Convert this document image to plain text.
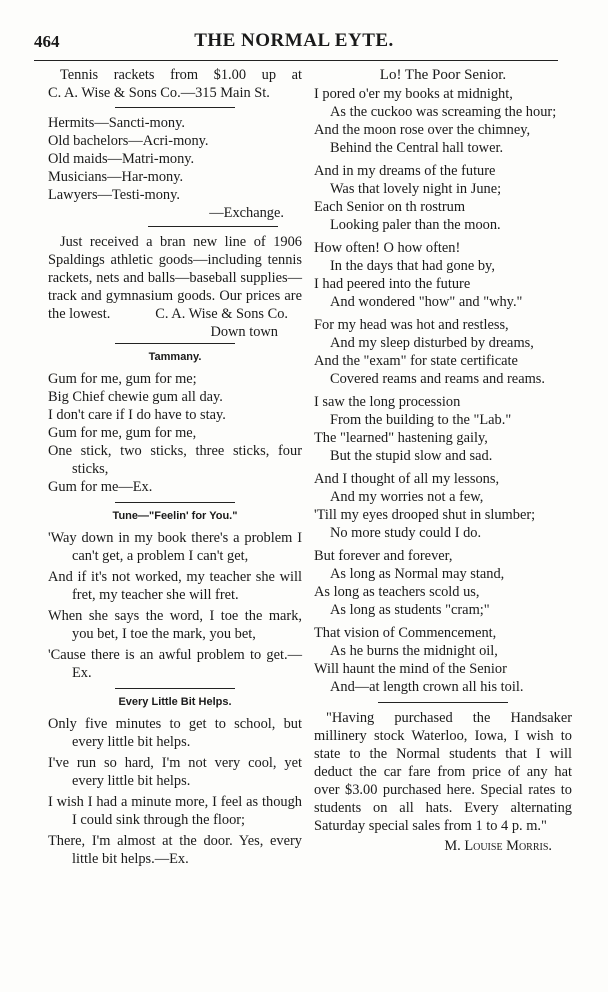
464	THE NORMAL EYTE.
Tennis rackets from $1.00 up at
C. A. Wise & Sons Co.—315 Main St.
Hermits—Sancti-mony.
Old bachelors—Acri-mony.
Old maids—Matri-mony.
Musicians—Har-mony.
Lawyers—Testi-mony.
—Exchange.

Just received a bran new line of 1906 Spaldings athletic goods—including tennis rackets, nets and balls—baseball supplies—track and gymnasium goods. Our prices are the lowest.	C. A. Wise & Sons Co.
Down town
Tammany.

Gum for me, gum for me;

Big Chief chewie gum all day.

I don't care if I do have to stay.

Gum for me, gum for me,

One stick, two sticks, three sticks, four sticks,

Gum for me—Ex.

Tune—"Feelin' for You."

'Way down in my book there's a problem I can't get, a problem I can't get,

And if it's not worked, my teacher she will fret, my teacher she will fret.

When she says the word, I toe the mark, you bet, I toe the mark, you bet,

'Cause there is an awful problem to get.—Ex.

Every Little Bit Helps.

Only five minutes to get to school, but every little bit helps.

I've run so hard, I'm not very cool, yet every little bit helps.

I wish I had a minute more, I feel as though I could sink through the floor;

There, I'm almost at the door. Yes, every little bit helps.—Ex.

Lo! The Poor Senior.

I pored o'er my books at midnight,

As the cuckoo was screaming the hour;

And the moon rose over the chimney,

Behind the Central hall tower.

And in my dreams of the future

Was that lovely night in June;

Each Senior on th rostrum

Looking paler than the moon.

How often! O how often!

In the days that had gone by,

I had peered into the future

And wondered "how" and "why."

For my head was hot and restless,

And my sleep disturbed by dreams,

And the "exam" for state certificate

Covered reams and reams and reams.

I saw the long procession

From the building to the "Lab."

The "learned" hastening gaily,

But the stupid slow and sad.

And I thought of all my lessons,

And my worries not a few,

'Till my eyes drooped shut in slumber;

No more study could I do.

But forever and forever,

As long as Normal may stand,

As long as teachers scold us,

As long as students "cram;"

That vision of Commencement,

As he burns the midnight oil,

Will haunt the mind of the Senior

And—at length crown all his toil.

"Having purchased the Handsaker millinery stock Waterloo, Iowa, I wish to state to the Normal students that I will deduct the car fare from price of any hat over $3.00 purchased here. Special rates to students on all hats. Every alternating Saturday special sales from 1 to 4 p. m."

M. Louise Morris.
